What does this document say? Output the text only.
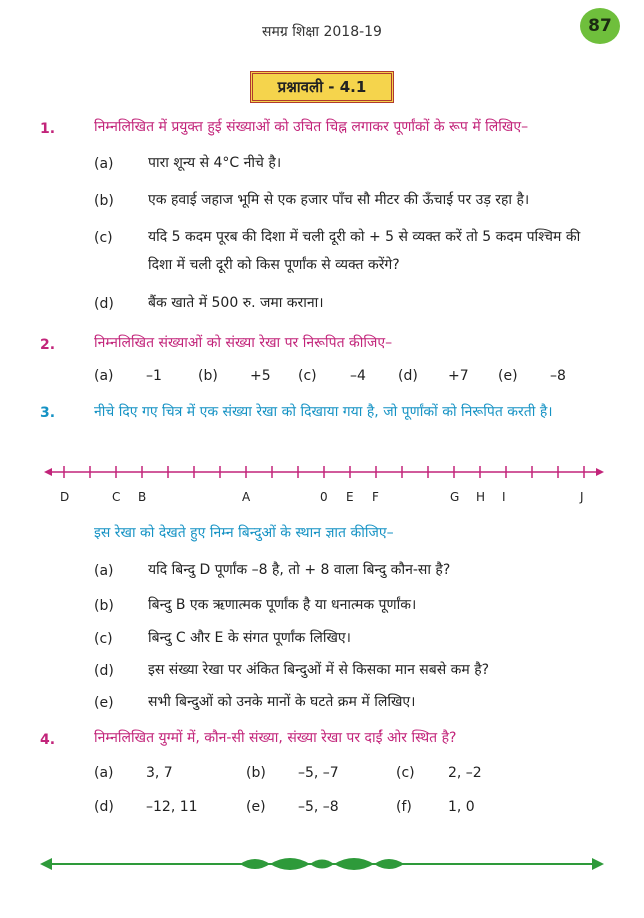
समग्र शिक्षा 2018-19	87
प्रश्नावली - 4.1
1.	निम्नलिखित में प्रयुक्त हुई संख्याओं को उचित चिह्न लगाकर पूर्णांकों के रूप में लिखिए–
(a) पारा शून्य से 4°C नीचे है।
(b) एक हवाई जहाज भूमि से एक हजार पाँच सौ मीटर की ऊँचाई पर उड़ रहा है।
(c)	यदि 5 कदम पूरब की दिशा में चली दूरी को + 5 से व्यक्त करें तो 5 कदम पश्चिम की दिशा में चली दूरी को किस पूर्णांक से व्यक्त करेंगे?
(d) बैंक खाते में 500 रु. जमा कराना।
2.	निम्नलिखित संख्याओं को संख्या रेखा पर निरूपित कीजिए–
(a) –1	(b) +5 (c) –4 (d) +7 (e) –8
3.	नीचे दिए गए चित्र में एक संख्या रेखा को दिखाया गया है, जो पूर्णांकों को निरूपित करती है।
D	C B	A	0 E F	G H I	J
इस रेखा को देखते हुए निम्न बिन्दुओं के स्थान ज्ञात कीजिए–
(a) यदि बिन्दु D पूर्णांक –8 है, तो + 8 वाला बिन्दु कौन-सा है?
(b) बिन्दु B एक ऋणात्मक पूर्णांक है या धनात्मक पूर्णांक।
(c)	बिन्दु C और E के संगत पूर्णांक लिखिए।
(d) इस संख्या रेखा पर अंकित बिन्दुओं में से किसका मान सबसे कम है?
(e) सभी बिन्दुओं को उनके मानों के घटते क्रम में लिखिए।
4.	निम्नलिखित युग्मों में, कौन-सी संख्या, संख्या रेखा पर दाईं ओर स्थित है?
(a) 3, 7	(b) –5, –7	(c) 2, –2
(d) –12, 11	(e) –5, –8	(f)	1, 0
